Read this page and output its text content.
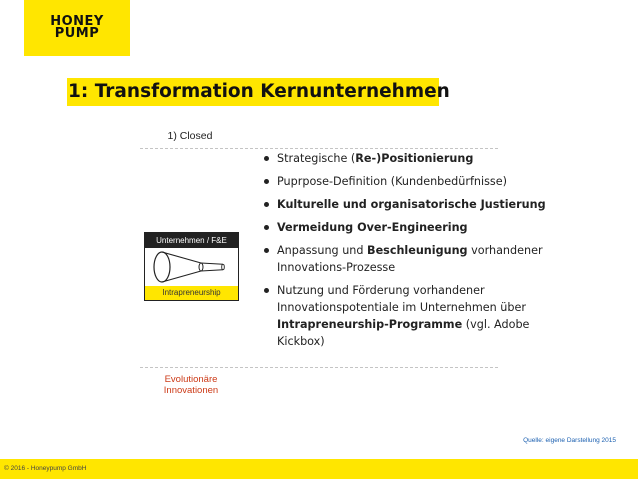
HONEY
PUMP
1: Transformation Kernunternehmen
1) Closed
Unternehmen / F&E
Intrapreneurship
Strategische (Re-)Positionierung
Puprpose-Definition (Kundenbedürfnisse)
Kulturelle und organisatorische Justierung
Vermeidung Over-Engineering
Anpassung und Beschleunigung vorhandener Innovations-Prozesse
Nutzung und Förderung vorhandener Innovationspotentiale im Unternehmen über Intrapreneurship-Programme (vgl. Adobe Kickbox)
Evolutionäre
Innovationen
Quelle: eigene Darstellung 2015
© 2016 - Honeypump GmbH
